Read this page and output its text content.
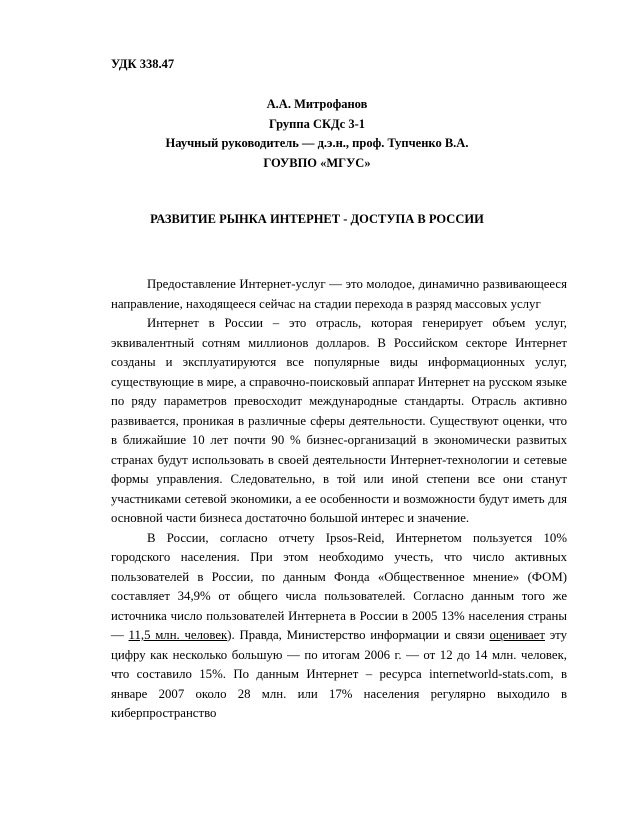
УДК 338.47
А.А. Митрофанов
Группа СКДс 3-1
Научный руководитель — д.э.н., проф. Тупченко В.А.
ГОУВПО «МГУС»
РАЗВИТИЕ РЫНКА ИНТЕРНЕТ - ДОСТУПА В РОССИИ

Предоставление Интернет-услуг — это молодое, динамично развивающееся направление, находящееся сейчас на стадии перехода в разряд массовых услуг

Интернет в России – это отрасль, которая генерирует объем услуг, эквивалентный сотням миллионов долларов. В Российском секторе Интернет созданы и эксплуатируются все популярные виды информационных услуг, существующие в мире, а справочно-поисковый аппарат Интернет на русском языке по ряду параметров превосходит международные стандарты. Отрасль активно развивается, проникая в различные сферы деятельности. Существуют оценки, что в ближайшие 10 лет почти 90 % бизнес-организаций в экономически развитых странах будут использовать в своей деятельности Интернет-технологии и сетевые формы управления. Следовательно, в той или иной степени все они станут участниками сетевой экономики, а ее особенности и возможности будут иметь для основной части бизнеса достаточно большой интерес и значение.

В России, согласно отчету Ipsos-Reid, Интернетом пользуется 10% городского населения. При этом необходимо учесть, что число активных пользователей в России, по данным Фонда «Общественное мнение» (ФОМ) составляет 34,9% от общего числа пользователей. Согласно данным того же источника число пользователей Интернета в России в 2005 13% населения страны — 11,5 млн. человек). Правда, Министерство информации и связи оценивает эту цифру как несколько большую — по итогам 2006 г. — от 12 до 14 млн. человек, что составило 15%. По данным Интернет – ресурса internetworld-stats.com, в январе 2007 около 28 млн. или 17% населения регулярно выходило в киберпространство
